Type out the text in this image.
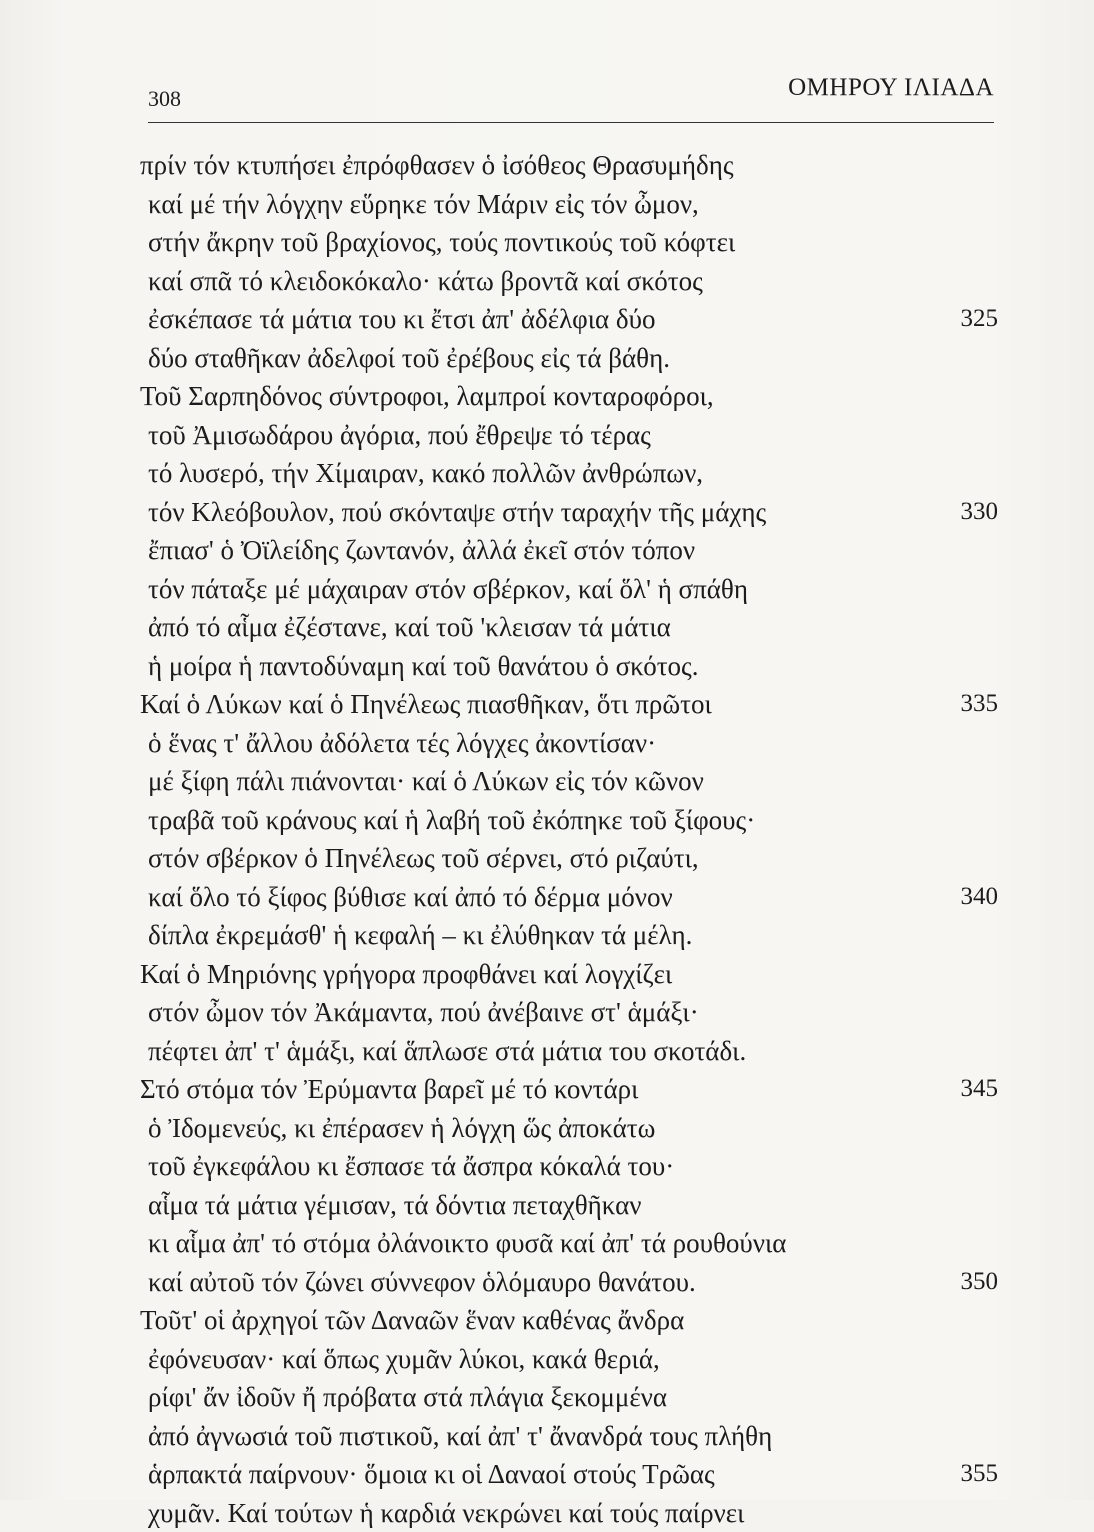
308	ΟΜΗΡΟΥ ΙΛΙΑΔΑ
πρίν τόν κτυπήσει ἐπρόφθασεν ὁ ἰσόθεος Θρασυμήδης
καί μέ τήν λόγχην εὕρηκε τόν Μάριν εἰς τόν ὦμον,
στήν ἄκρην τοῦ βραχίονος, τούς ποντικούς τοῦ κόφτει
καί σπᾶ τό κλειδοκόκαλο· κάτω βροντᾶ καί σκότος
ἐσκέπασε τά μάτια του κι ἔτσι ἀπ' ἀδέλφια δύο	325
δύο σταθῆκαν ἀδελφοί τοῦ ἐρέβους εἰς τά βάθη.
Τοῦ Σαρπηδόνος σύντροφοι, λαμπροί κονταροφόροι,
τοῦ Ἀμισωδάρου ἀγόρια, πού ἔθρεψε τό τέρας
τό λυσερό, τήν Χίμαιραν, κακό πολλῶν ἀνθρώπων,
τόν Κλεόβουλον, πού σκόνταψε στήν ταραχήν τῆς μάχης	330
ἔπιασ' ὁ Ὀϊλείδης ζωντανόν, ἀλλά ἐκεῖ στόν τόπον
τόν πάταξε μέ μάχαιραν στόν σβέρκον, καί ὅλ' ἡ σπάθη
ἀπό τό αἷμα ἐζέστανε, καί τοῦ 'κλεισαν τά μάτια
ἡ μοίρα ἡ παντοδύναμη καί τοῦ θανάτου ὁ σκότος.
Καί ὁ Λύκων καί ὁ Πηνέλεως πιασθῆκαν, ὅτι πρῶτοι	335
ὁ ἕνας τ' ἄλλου ἀδόλετα τές λόγχες ἀκοντίσαν·
μέ ξίφη πάλι πιάνονται· καί ὁ Λύκων εἰς τόν κῶνον
τραβᾶ τοῦ κράνους καί ἡ λαβή τοῦ ἐκόπηκε τοῦ ξίφους·
στόν σβέρκον ὁ Πηνέλεως τοῦ σέρνει, στό ριζαύτι,
καί ὅλο τό ξίφος βύθισε καί ἀπό τό δέρμα μόνον	340
δίπλα ἐκρεμάσθ' ἡ κεφαλή – κι ἐλύθηκαν τά μέλη.
Καί ὁ Μηριόνης γρήγορα προφθάνει καί λογχίζει
στόν ὦμον τόν Ἀκάμαντα, πού ἀνέβαινε στ' ἁμάξι·
πέφτει ἀπ' τ' ἁμάξι, καί ἅπλωσε στά μάτια του σκοτάδι.
Στό στόμα τόν Ἐρύμαντα βαρεῖ μέ τό κοντάρι	345
ὁ Ἰδομενεύς, κι ἐπέρασεν ἡ λόγχη ὥς ἀποκάτω
τοῦ ἐγκεφάλου κι ἔσπασε τά ἄσπρα κόκαλά του·
αἷμα τά μάτια γέμισαν, τά δόντια πεταχθῆκαν
κι αἷμα ἀπ' τό στόμα ὀλάνοικτο φυσᾶ καί ἀπ' τά ρουθούνια
καί αὐτοῦ τόν ζώνει σύννεφον ὁλόμαυρο θανάτου.	350
Τοῦτ' οἱ ἀρχηγοί τῶν Δαναῶν ἕναν καθένας ἄνδρα
ἐφόνευσαν· καί ὅπως χυμᾶν λύκοι, κακά θεριά,
ρίφι' ἄν ἰδοῦν ἤ πρόβατα στά πλάγια ξεκομμένα
ἀπό ἀγνωσιά τοῦ πιστικοῦ, καί ἀπ' τ' ἄνανδρά τους πλήθη
ἁρπακτά παίρνουν· ὅμοια κι οἱ Δαναοί στούς Τρῶας	355
χυμᾶν. Καί τούτων ἡ καρδιά νεκρώνει καί τούς παίρνει
